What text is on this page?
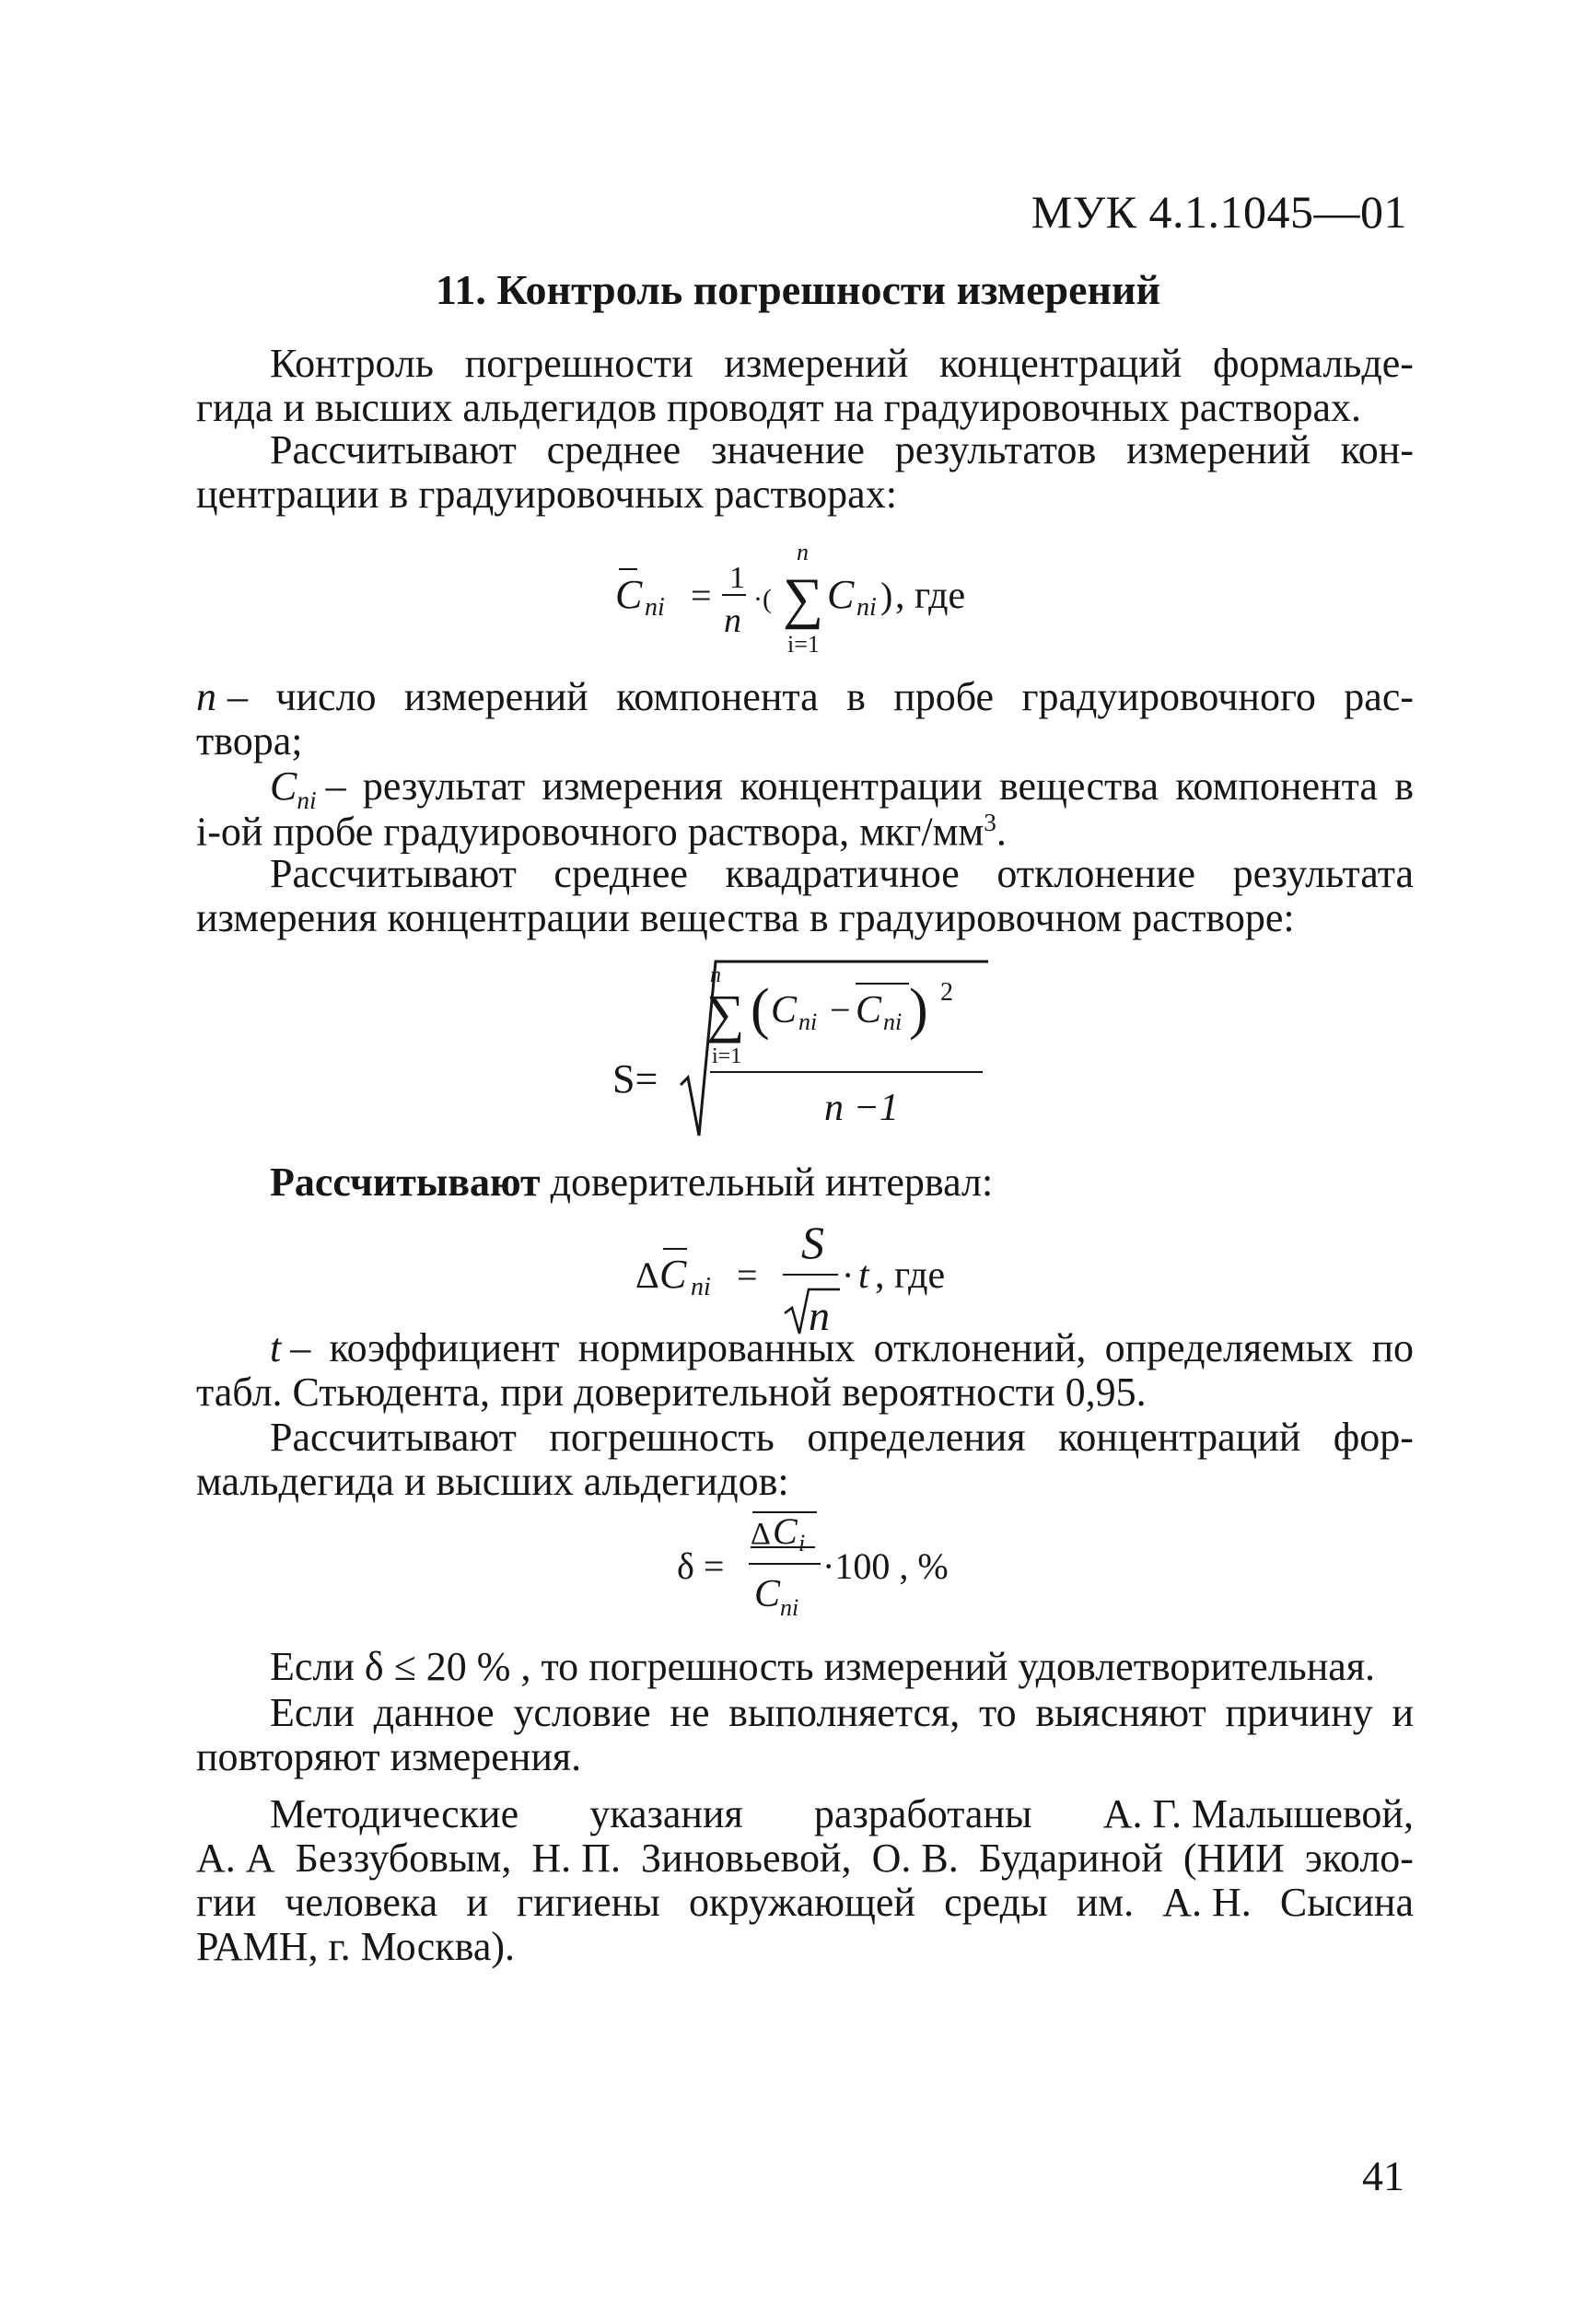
МУК 4.1.1045—01
11. Контроль погрешности измерений
Контроль погрешности измерений концентраций формальде-
гида и высших альдегидов проводят на градуировочных растворах.
Рассчитывают среднее значение результатов измерений кон-
центрации в градуировочных растворах:
C ni = 1
n
·( ∑
n
i=1
C ni ) , где
n – число измерений компонента в пробе градуировочного рас-
твора;
$C_{ni}$ – результат измерения концентрации вещества компонента в
i-ой пробе градуировочного раствора, мкг/$мм^3$.
Рассчитывают среднее квадратичное отклонение результата
измерения концентрации вещества в градуировочном растворе:
S=
n
∑
i=1
( C ni − C ni ) 2
n −1
Рассчитывают доверительный интервал:
Δ C ni =
S
n
· t , где
t – коэффициент нормированных отклонений, определяемых по
табл. Стьюдента, при доверительной вероятности 0,95.
Рассчитывают погрешность определения концентраций фор-
мальдегида и высших альдегидов:
δ =
Δ C i
C ni
·100 , %
Если δ ≤ 20 % , то погрешность измерений удовлетворительная.
Если данное условие не выполняется, то выясняют причину и
повторяют измерения.
Методические указания разработаны А. Г. Малышевой,
А. А Беззубовым, Н. П. Зиновьевой, О. В. Будариной (НИИ эколо-
гии человека и гигиены окружающей среды им. А. Н. Сысина
РАМН, г. Москва).
41
